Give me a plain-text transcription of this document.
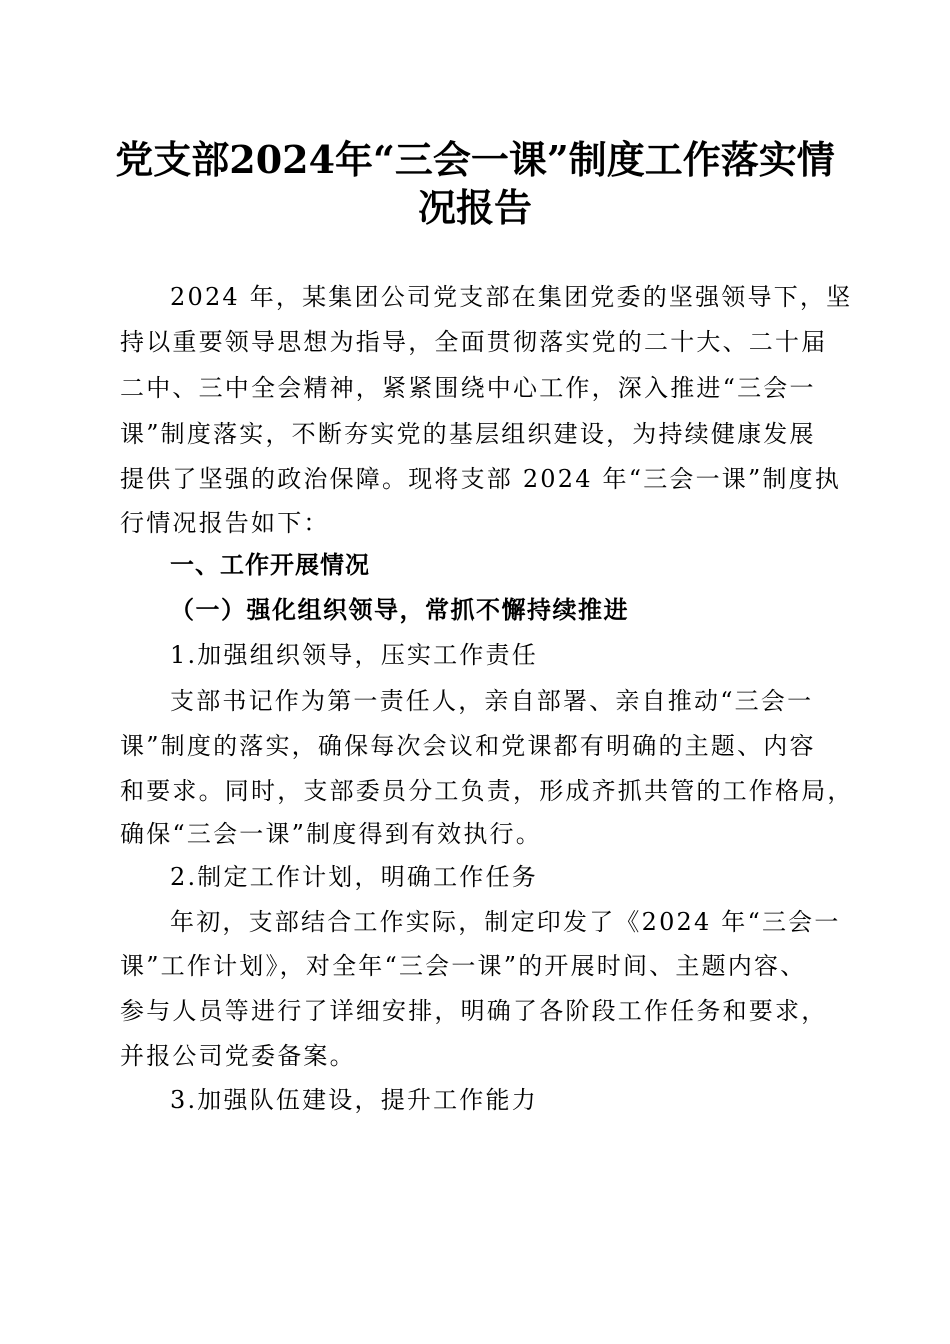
党支部2024年“三会一课”制度工作落实情
况报告
2024 年，某集团公司党支部在集团党委的坚强领导下，坚
持以重要领导思想为指导，全面贯彻落实党的二十大、二十届
二中、三中全会精神，紧紧围绕中心工作，深入推进“三会一
课”制度落实，不断夯实党的基层组织建设，为持续健康发展
提供了坚强的政治保障。现将支部 2024 年“三会一课”制度执
行情况报告如下：
一、工作开展情况
（一）强化组织领导，常抓不懈持续推进
1.加强组织领导，压实工作责任
支部书记作为第一责任人，亲自部署、亲自推动“三会一
课”制度的落实，确保每次会议和党课都有明确的主题、内容
和要求。同时，支部委员分工负责，形成齐抓共管的工作格局，
确保“三会一课”制度得到有效执行。
2.制定工作计划，明确工作任务
年初，支部结合工作实际，制定印发了《2024 年“三会一
课”工作计划》，对全年“三会一课”的开展时间、主题内容、
参与人员等进行了详细安排，明确了各阶段工作任务和要求，
并报公司党委备案。
3.加强队伍建设，提升工作能力
